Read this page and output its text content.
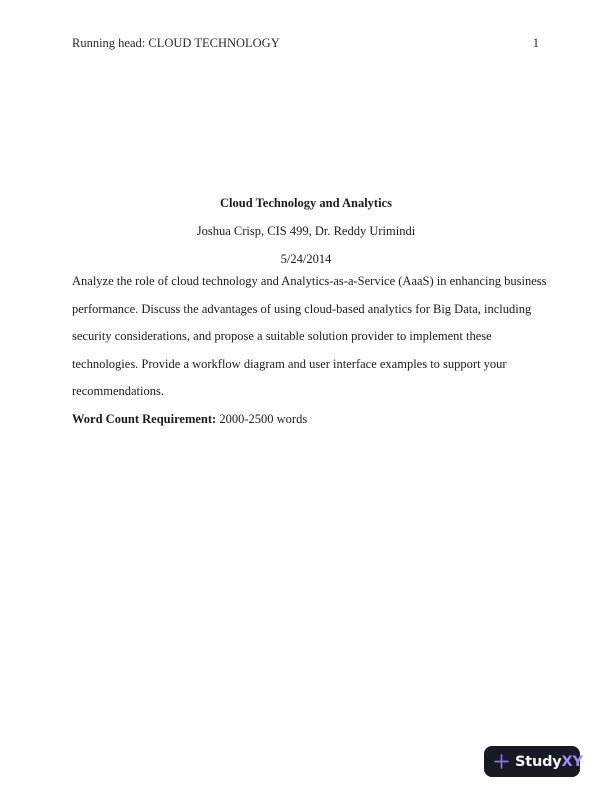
Running head: CLOUD TECHNOLOGY	1
Cloud Technology and Analytics
Joshua Crisp, CIS 499, Dr. Reddy Urimindi
5/24/2014
Analyze the role of cloud technology and Analytics-as-a-Service (AaaS) in enhancing business
performance. Discuss the advantages of using cloud-based analytics for Big Data, including
security considerations, and propose a suitable solution provider to implement these
technologies. Provide a workflow diagram and user interface examples to support your
recommendations.
Word Count Requirement: 2000-2500 words
StudyXY
